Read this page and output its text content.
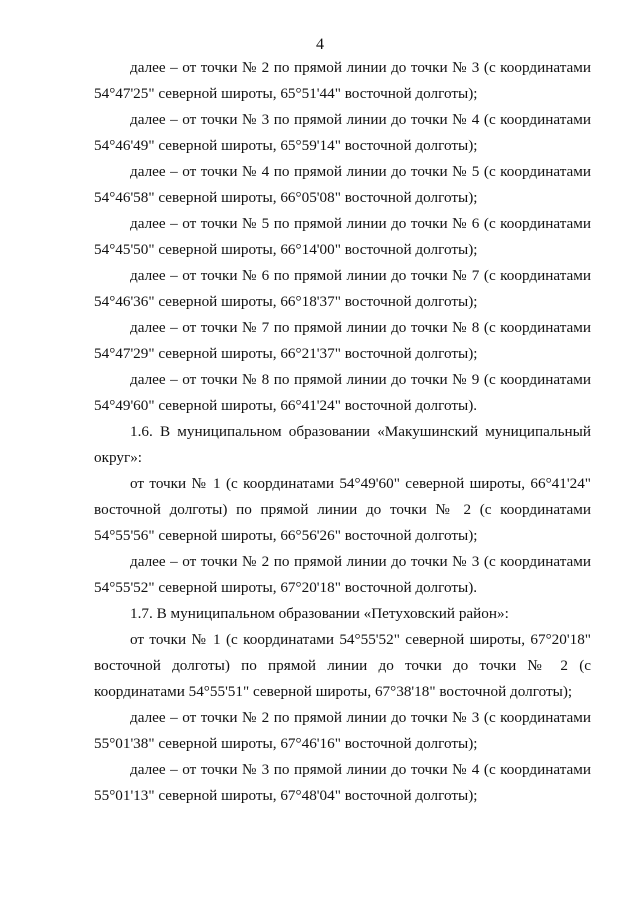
4

далее – от точки № 2 по прямой линии до точки № 3 (с координатами 54°47'25" северной широты, 65°51'44" восточной долготы);

далее – от точки № 3 по прямой линии до точки № 4 (с координатами 54°46'49" северной широты, 65°59'14" восточной долготы);

далее – от точки № 4 по прямой линии до точки № 5 (с координатами 54°46'58" северной широты, 66°05'08" восточной долготы);

далее – от точки № 5 по прямой линии до точки № 6 (с координатами 54°45'50" северной широты, 66°14'00" восточной долготы);

далее – от точки № 6 по прямой линии до точки № 7 (с координатами 54°46'36" северной широты, 66°18'37" восточной долготы);

далее – от точки № 7 по прямой линии до точки № 8 (с координатами 54°47'29" северной широты, 66°21'37" восточной долготы);

далее – от точки № 8 по прямой линии до точки № 9 (с координатами 54°49'60" северной широты, 66°41'24" восточной долготы).

1.6. В муниципальном образовании «Макушинский муниципальный округ»:

от точки № 1 (с координатами 54°49'60" северной широты, 66°41'24" восточной долготы) по прямой линии до точки № 2 (с координатами 54°55'56" северной широты, 66°56'26" восточной долготы);

далее – от точки № 2 по прямой линии до точки № 3 (с координатами 54°55'52" северной широты, 67°20'18" восточной долготы).

1.7. В муниципальном образовании «Петуховский район»:

от точки № 1 (с координатами 54°55'52" северной широты, 67°20'18" восточной долготы) по прямой линии до точки до точки № 2 (с координатами 54°55'51" северной широты, 67°38'18" восточной долготы);

далее – от точки № 2 по прямой линии до точки № 3 (с координатами 55°01'38" северной широты, 67°46'16" восточной долготы);

далее – от точки № 3 по прямой линии до точки № 4 (с координатами 55°01'13" северной широты, 67°48'04" восточной долготы);
